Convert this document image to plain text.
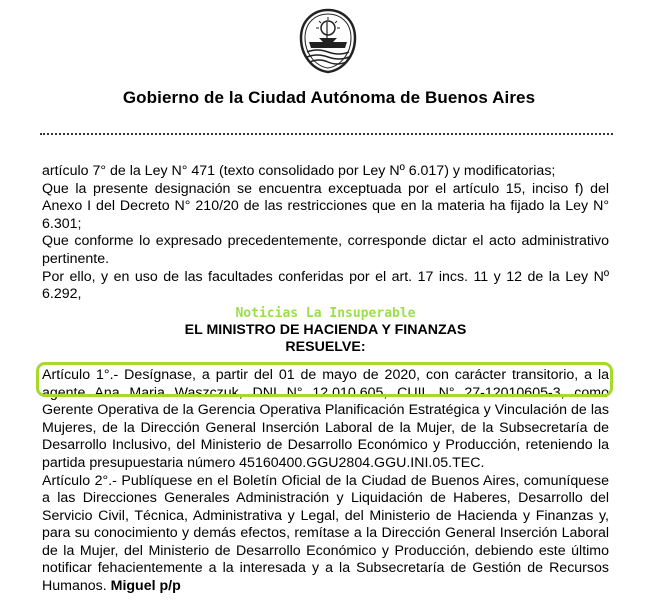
Gobierno de la Ciudad Autónoma de Buenos Aires

artículo 7° de la Ley N° 471 (texto consolidado por Ley Nº 6.017) y modificatorias;

Que la presente designación se encuentra exceptuada por el artículo 15, inciso f) del Anexo I del Decreto N° 210/20 de las restricciones que en la materia ha fijado la Ley N° 6.301;

Que conforme lo expresado precedentemente, corresponde dictar el acto administrativo pertinente.

Por ello, y en uso de las facultades conferidas por el art. 17 incs. 11 y 12 de la Ley Nº 6.292,

Noticias La Insuperable

EL MINISTRO DE HACIENDA Y FINANZAS

RESUELVE:

Artículo 1°.- Desígnase, a partir del 01 de mayo de 2020, con carácter transitorio, a la
agente Ana Maria Waszczuk, DNI N° 12.010.605, CUIL N° 27-12010605-3, como

Gerente Operativa de la Gerencia Operativa Planificación Estratégica y Vinculación de las Mujeres, de la Dirección General Inserción Laboral de la Mujer, de la Subsecretaría de Desarrollo Inclusivo, del Ministerio de Desarrollo Económico y Producción, reteniendo la partida presupuestaria número 45160400.GGU2804.GGU.INI.05.TEC.

Artículo 2°.- Publíquese en el Boletín Oficial de la Ciudad de Buenos Aires, comuníquese a las Direcciones Generales Administración y Liquidación de Haberes, Desarrollo del Servicio Civil, Técnica, Administrativa y Legal, del Ministerio de Hacienda y Finanzas y, para su conocimiento y demás efectos, remítase a la Dirección General Inserción Laboral de la Mujer, del Ministerio de Desarrollo Económico y Producción, debiendo este último notificar fehacientemente a la interesada y a la Subsecretaría de Gestión de Recursos Humanos. Miguel p/p
